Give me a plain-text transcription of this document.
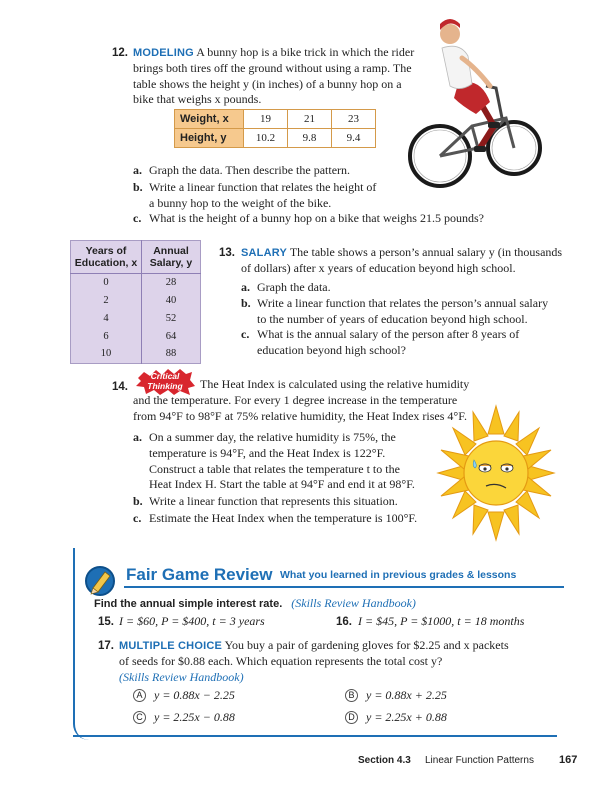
12. MODELING A bunny hop is a bike trick in which the rider
brings both tires off the ground without using a ramp. The
table shows the height y (in inches) of a bunny hop on a
bike that weighs x pounds.
Weight, x	19	21	23
Height, y	10.2	9.8	9.4
a. Graph the data. Then describe the pattern.
b. Write a linear function that relates the height of
a bunny hop to the weight of the bike.
c. What is the height of a bunny hop on a bike that weighs 21.5 pounds?
Years of Education, x	Annual Salary, y
0	28
2	40
4	52
6	64
10	88
13. SALARY The table shows a person’s annual salary y (in thousands
of dollars) after x years of education beyond high school.
a. Graph the data.
b. Write a linear function that relates the person’s annual salary
to the number of years of education beyond high school.
c. What is the annual salary of the person after 8 years of
education beyond high school?
14.
Critical
Thinking	The Heat Index is calculated using the relative humidity
and the temperature. For every 1 degree increase in the temperature
from 94°F to 98°F at 75% relative humidity, the Heat Index rises 4°F.
a. On a summer day, the relative humidity is 75%, the
temperature is 94°F, and the Heat Index is 122°F.
Construct a table that relates the temperature t to the
Heat Index H. Start the table at 94°F and end it at 98°F.
b. Write a linear function that represents this situation.
c. Estimate the Heat Index when the temperature is 100°F.
Fair Game Review What you learned in previous grades & lessons
Find the annual simple interest rate. (Skills Review Handbook)
15. I = $60, P = $400, t = 3 years	16. I = $45, P = $1000, t = 18 months
17. MULTIPLE CHOICE You buy a pair of gardening gloves for $2.25 and x packets
of seeds for $0.88 each. Which equation represents the total cost y?
(Skills Review Handbook)
A y = 0.88x − 2.25	B y = 0.88x + 2.25
C y = 2.25x − 0.88	D y = 2.25x + 0.88
Section 4.3 Linear Function Patterns 167
